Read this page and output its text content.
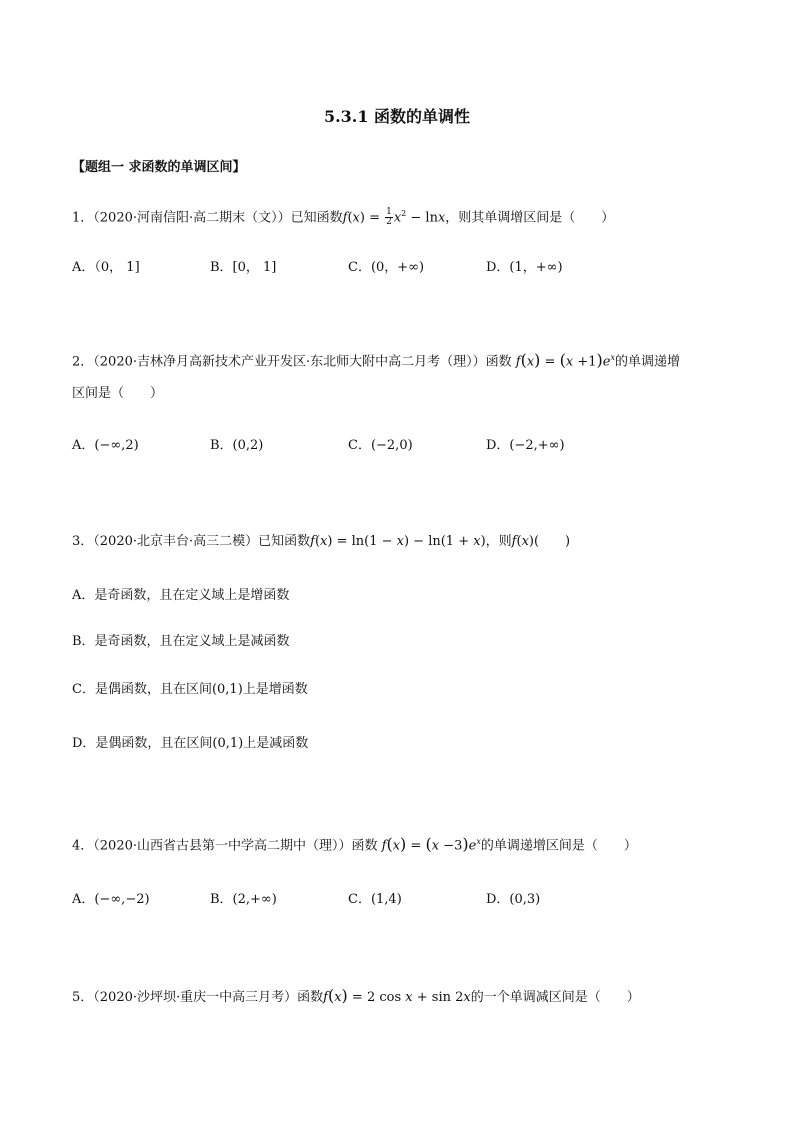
5.3.1 函数的单调性
【题组一 求函数的单调区间】
1．（2020·河南信阳·高二期末（文））已知函数$f(x) = \frac{1}{2} x^2 - \ln x$，则其单调增区间是（　　）
A．（0， 1]	B．[0， 1]	C．(0，+∞)	D．(1，+∞)
2．（2020·吉林净月高新技术产业开发区·东北师大附中高二月考（理））函数 $f(x) = (x +1)e^x$的单调递增
区间是（　　）
A．(−∞,2)	B．(0,2)	C．(−2,0)	D．(−2,+∞)
3．（2020·北京丰台·高三二模）已知函数f(x) = ln(1 − x) − ln(1 + x)，则f(x)(　　)
A．是奇函数，且在定义域上是增函数
B．是奇函数，且在定义域上是减函数
C．是偶函数，且在区间(0,1)上是增函数
D．是偶函数，且在区间(0,1)上是减函数
4．（2020·山西省古县第一中学高二期中（理））函数 $f(x) = (x -3)e^x$的单调递增区间是（　　）
A．(−∞,−2)	B．(2,+∞)	C．(1,4)	D．(0,3)
5．（2020·沙坪坝·重庆一中高三月考）函数f(x) = 2 cos x + sin 2x的一个单调减区间是（　　）
